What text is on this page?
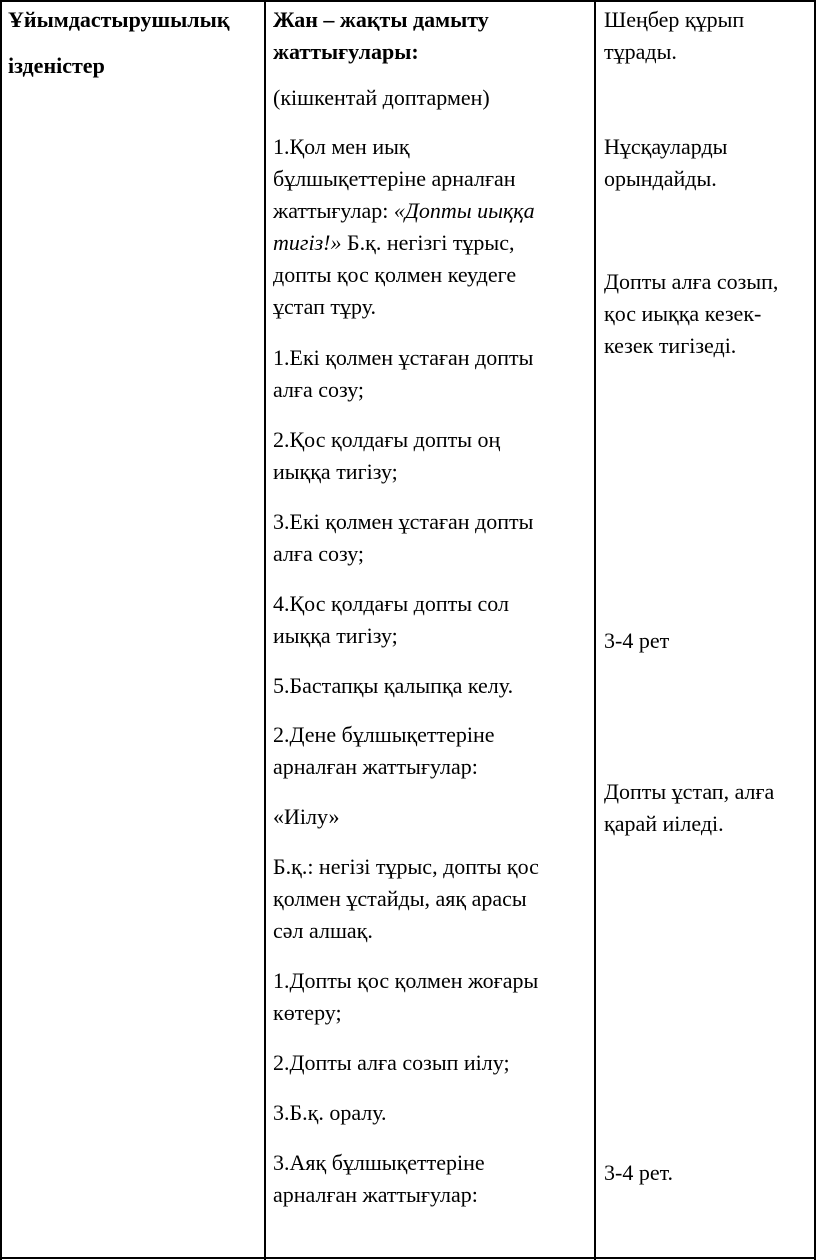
Ұйымдастырушылық
ізденістер
Жан – жақты дамыту
жаттығулары:
(кішкентай доптармен)
1.Қол мен иық
бұлшықеттеріне арналған
жаттығулар: «Допты иыққа
тигіз!» Б.қ. негізгі тұрыс,
допты қос қолмен кеудеге
ұстап тұру.
1.Екі қолмен ұстаған допты
алға созу;
2.Қос қолдағы допты оң
иыққа тигізу;
3.Екі қолмен ұстаған допты
алға созу;
4.Қос қолдағы допты сол
иыққа тигізу;
5.Бастапқы қалыпқа келу.
2.Дене бұлшықеттеріне
арналған жаттығулар:
«Иілу»
Б.қ.: негізі тұрыс, допты қос
қолмен ұстайды, аяқ арасы
сәл алшақ.
1.Допты қос қолмен жоғары
көтеру;
2.Допты алға созып иілу;
3.Б.қ. оралу.
3.Аяқ бұлшықеттеріне
арналған жаттығулар:
Шеңбер құрып
тұрады.
Нұсқауларды
орындайды.
Допты алға созып,
қос иыққа кезек-
кезек тигізеді.
3-4 рет
Допты ұстап, алға
қарай иіледі.
3-4 рет.
